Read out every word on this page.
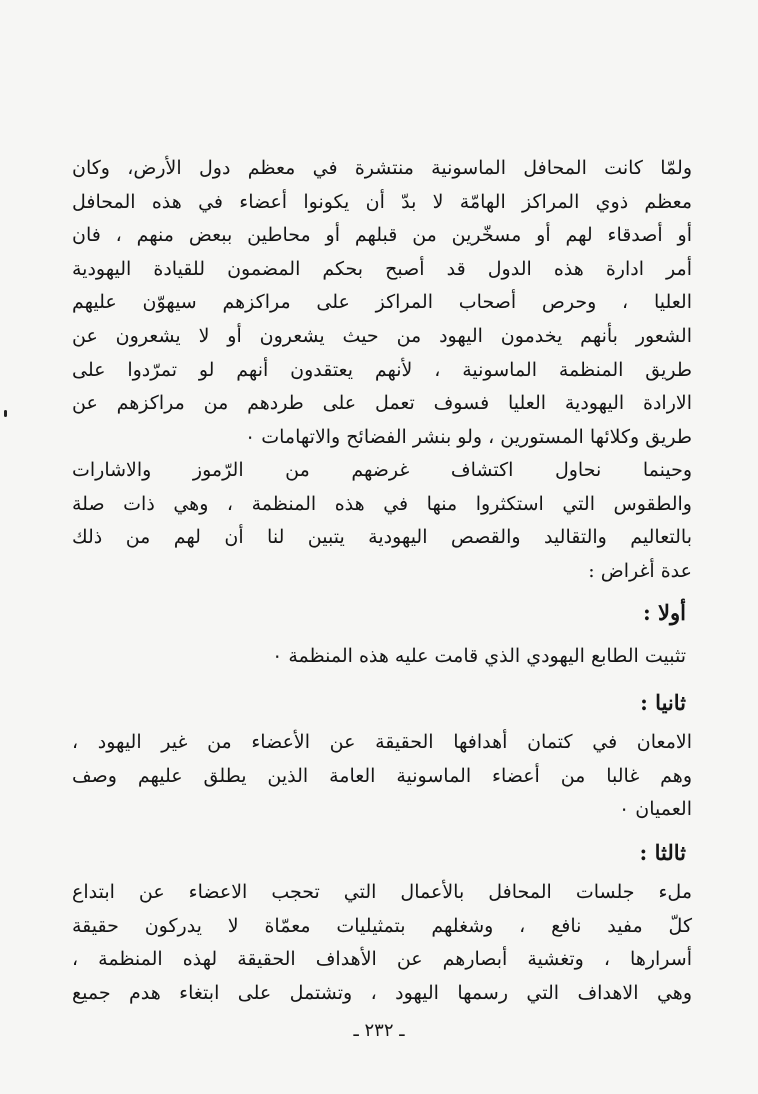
ولمّا كانت المحافل الماسونية منتشرة في معظم دول الأرض، وكان
معظم ذوي المراكز الهامّة لا بدّ أن يكونوا أعضاء في هذه المحافل
أو أصدقاء لهم أو مسخّرين من قبلهم أو محاطين ببعض منهم ، فان
أمر ادارة هذه الدول قد أصبح بحكم المضمون للقيادة اليهودية
العليا ، وحرص أصحاب المراكز على مراكزهم سيهوّن عليهم
الشعور بأنهم يخدمون اليهود من حيث يشعرون أو لا يشعرون عن
طريق المنظمة الماسونية ، لأنهم يعتقدون أنهم لو تمرّدوا على
الارادة اليهودية العليا فسوف تعمل على طردهم من مراكزهم عن
طريق وكلائها المستورين ، ولو بنشر الفضائح والاتهامات ٠
وحينما نحاول اكتشاف غرضهم من الرّموز والاشارات
والطقوس التي استكثروا منها في هذه المنظمة ، وهي ذات صلة
بالتعاليم والتقاليد والقصص اليهودية يتبين لنا أن لهم من ذلك
عدة أغراض :
أولا :
تثبيت الطابع اليهودي الذي قامت عليه هذه المنظمة ٠
ثانيا :
الامعان في كتمان أهدافها الحقيقة عن الأعضاء من غير اليهود ،
وهم غالبا من أعضاء الماسونية العامة الذين يطلق عليهم وصف
العميان ٠
ثالثا :
ملء جلسات المحافل بالأعمال التي تحجب الاعضاء عن ابتداع
كلّ مفيد نافع ، وشغلهم بتمثيليات معمّاة لا يدركون حقيقة
أسرارها ، وتغشية أبصارهم عن الأهداف الحقيقة لهذه المنظمة ،
وهي الاهداف التي رسمها اليهود ، وتشتمل على ابتغاء هدم جميع
ـ ٢٣٢ ـ
